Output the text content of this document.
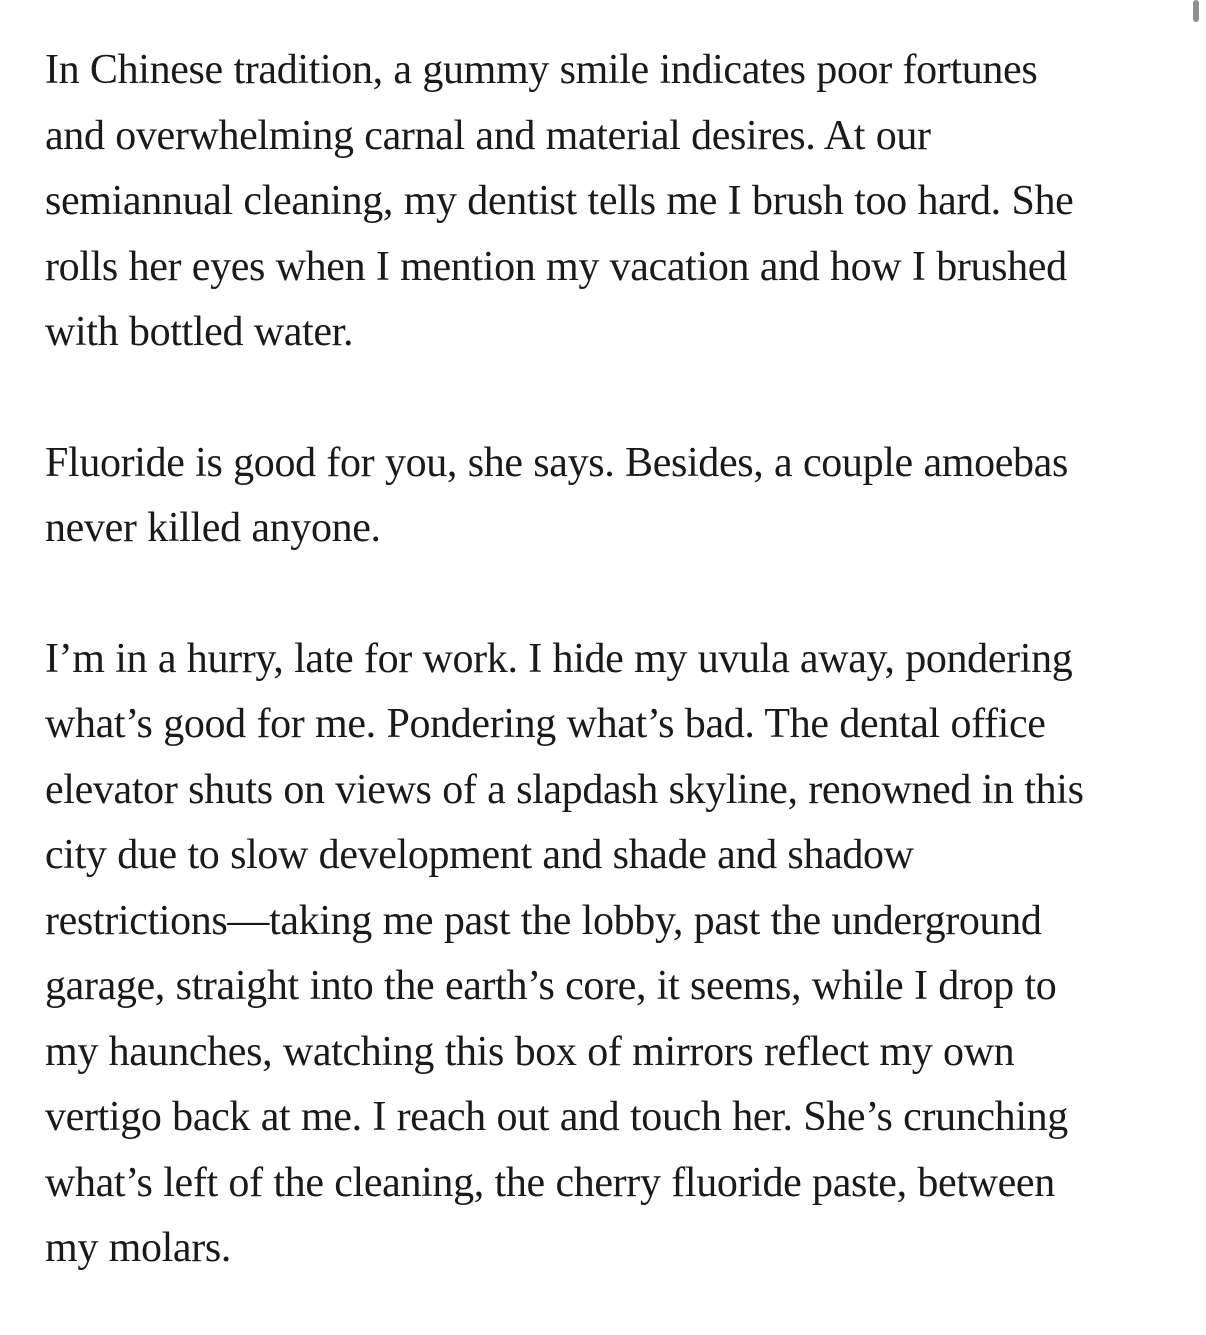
In Chinese tradition, a gummy smile indicates poor fortunes
and overwhelming carnal and material desires. At our
semiannual cleaning, my dentist tells me I brush too hard. She
rolls her eyes when I mention my vacation and how I brushed
with bottled water.

Fluoride is good for you, she says. Besides, a couple amoebas
never killed anyone.

I’m in a hurry, late for work. I hide my uvula away, pondering
what’s good for me. Pondering what’s bad. The dental office
elevator shuts on views of a slapdash skyline, renowned in this
city due to slow development and shade and shadow
restrictions—taking me past the lobby, past the underground
garage, straight into the earth’s core, it seems, while I drop to
my haunches, watching this box of mirrors reflect my own
vertigo back at me. I reach out and touch her. She’s crunching
what’s left of the cleaning, the cherry fluoride paste, between
my molars.
